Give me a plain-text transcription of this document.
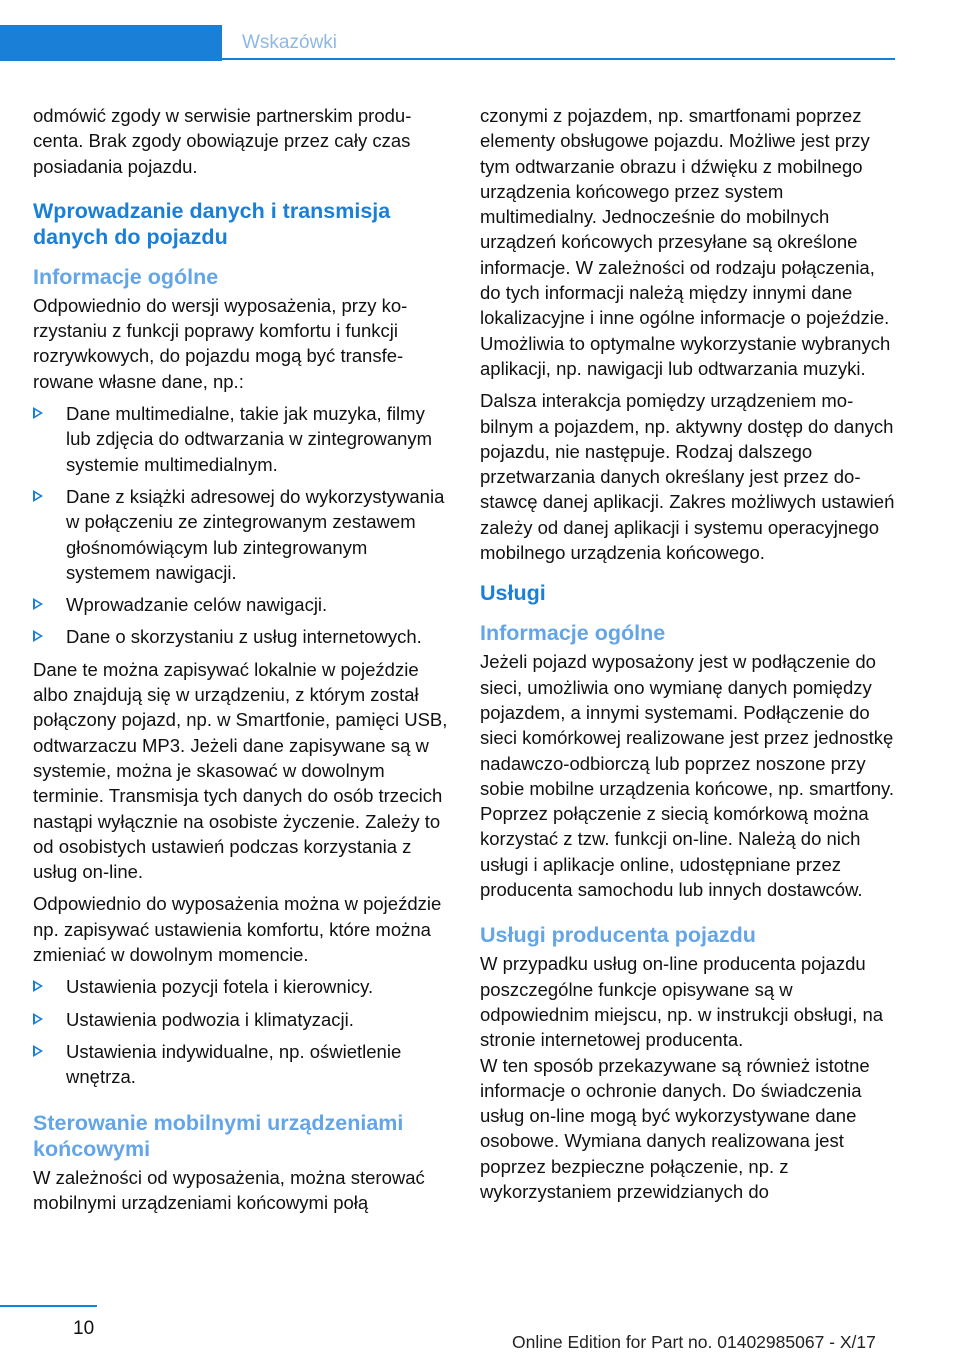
Wskazówki

odmówić zgody w serwisie partnerskim producenta. Brak zgody obowiązuje przez cały czas posiadania pojazdu.

Wprowadzanie danych i transmisja danych do pojazdu
Informacje ogólne

Odpowiednio do wersji wyposażenia, przy korzystaniu z funkcji poprawy komfortu i funkcji rozrywkowych, do pojazdu mogą być transferowane własne dane, np.:

Dane multimedialne, takie jak muzyka, filmy lub zdjęcia do odtwarzania w zintegrowanym systemie multimedialnym.
Dane z książki adresowej do wykorzystywania w połączeniu ze zintegrowanym zestawem głośnomówiącym lub zintegrowanym systemem nawigacji.
Wprowadzanie celów nawigacji.
Dane o skorzystaniu z usług internetowych.

Dane te można zapisywać lokalnie w pojeździe albo znajdują się w urządzeniu, z którym został połączony pojazd, np. w Smartfonie, pamięci USB, odtwarzaczu MP3. Jeżeli dane zapisywane są w systemie, można je skasować w dowolnym terminie. Transmisja tych danych do osób trzecich nastąpi wyłącznie na osobiste życzenie. Zależy to od osobistych ustawień podczas korzystania z usług on-line.

Odpowiednio do wyposażenia można w pojeździe np. zapisywać ustawienia komfortu, które można zmieniać w dowolnym momencie.

Ustawienia pozycji fotela i kierownicy.
Ustawienia podwozia i klimatyzacji.
Ustawienia indywidualne, np. oświetlenie wnętrza.
Sterowanie mobilnymi urządzeniami końcowymi

W zależności od wyposażenia, można sterować mobilnymi urządzeniami końcowymi połą

czonymi z pojazdem, np. smartfonami poprzez elementy obsługowe pojazdu. Możliwe jest przy tym odtwarzanie obrazu i dźwięku z mobilnego urządzenia końcowego przez system multimedialny. Jednocześnie do mobilnych urządzeń końcowych przesyłane są określone informacje. W zależności od rodzaju połączenia, do tych informacji należą między innymi dane lokalizacyjne i inne ogólne informacje o pojeździe. Umożliwia to optymalne wykorzystanie wybranych aplikacji, np. nawigacji lub odtwarzania muzyki.

Dalsza interakcja pomiędzy urządzeniem mobilnym a pojazdem, np. aktywny dostęp do danych pojazdu, nie następuje. Rodzaj dalszego przetwarzania danych określany jest przez dostawcę danej aplikacji. Zakres możliwych ustawień zależy od danej aplikacji i systemu operacyjnego mobilnego urządzenia końcowego.

Usługi
Informacje ogólne

Jeżeli pojazd wyposażony jest w podłączenie do sieci, umożliwia ono wymianę danych pomiędzy pojazdem, a innymi systemami. Podłączenie do sieci komórkowej realizowane jest przez jednostkę nadawczo-odbiorczą lub poprzez noszone przy sobie mobilne urządzenia końcowe, np. smartfony. Poprzez połączenie z siecią komórkową można korzystać z tzw. funkcji on-line. Należą do nich usługi i aplikacje online, udostępniane przez producenta samochodu lub innych dostawców.

Usługi producenta pojazdu

W przypadku usług on-line producenta pojazdu poszczególne funkcje opisywane są w odpowiednim miejscu, np. w instrukcji obsługi, na stronie internetowej producenta.

W ten sposób przekazywane są również istotne informacje o ochronie danych. Do świadczenia usług on-line mogą być wykorzystywane dane osobowe. Wymiana danych realizowana jest poprzez bezpieczne połączenie, np. z wykorzystaniem przewidzianych do

10
Online Edition for Part no. 01402985067 - X/17
